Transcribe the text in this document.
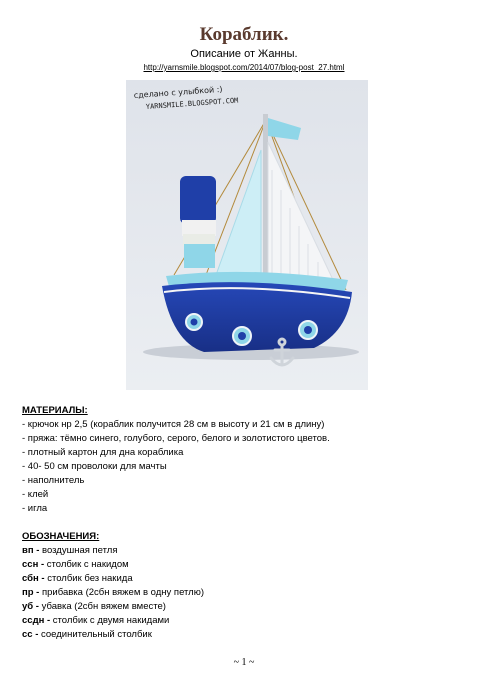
Кораблик.
Описание от Жанны.
http://yarnsmile.blogspot.com/2014/07/blog-post_27.html
сделано с улыбкой :)
YARNSMILE.BLOGSPOT.COM
МАТЕРИАЛЫ:
- крючок нр 2,5 (кораблик получится 28 см в высоту и 21 см в длину)
- пряжа: тёмно синего, голубого, серого, белого и золотистого цветов.
- плотный картон для дна кораблика
- 40- 50 см проволоки для мачты
- наполнитель
- клей
- игла
ОБОЗНАЧЕНИЯ:
вп - воздушная петля
ссн - столбик с накидом
сбн - столбик без накида
пр - прибавка (2сбн вяжем в одну петлю)
уб - убавка (2сбн вяжем вместе)
ссдн - столбик с двумя накидами
сс - соединительный столбик
~ 1 ~
